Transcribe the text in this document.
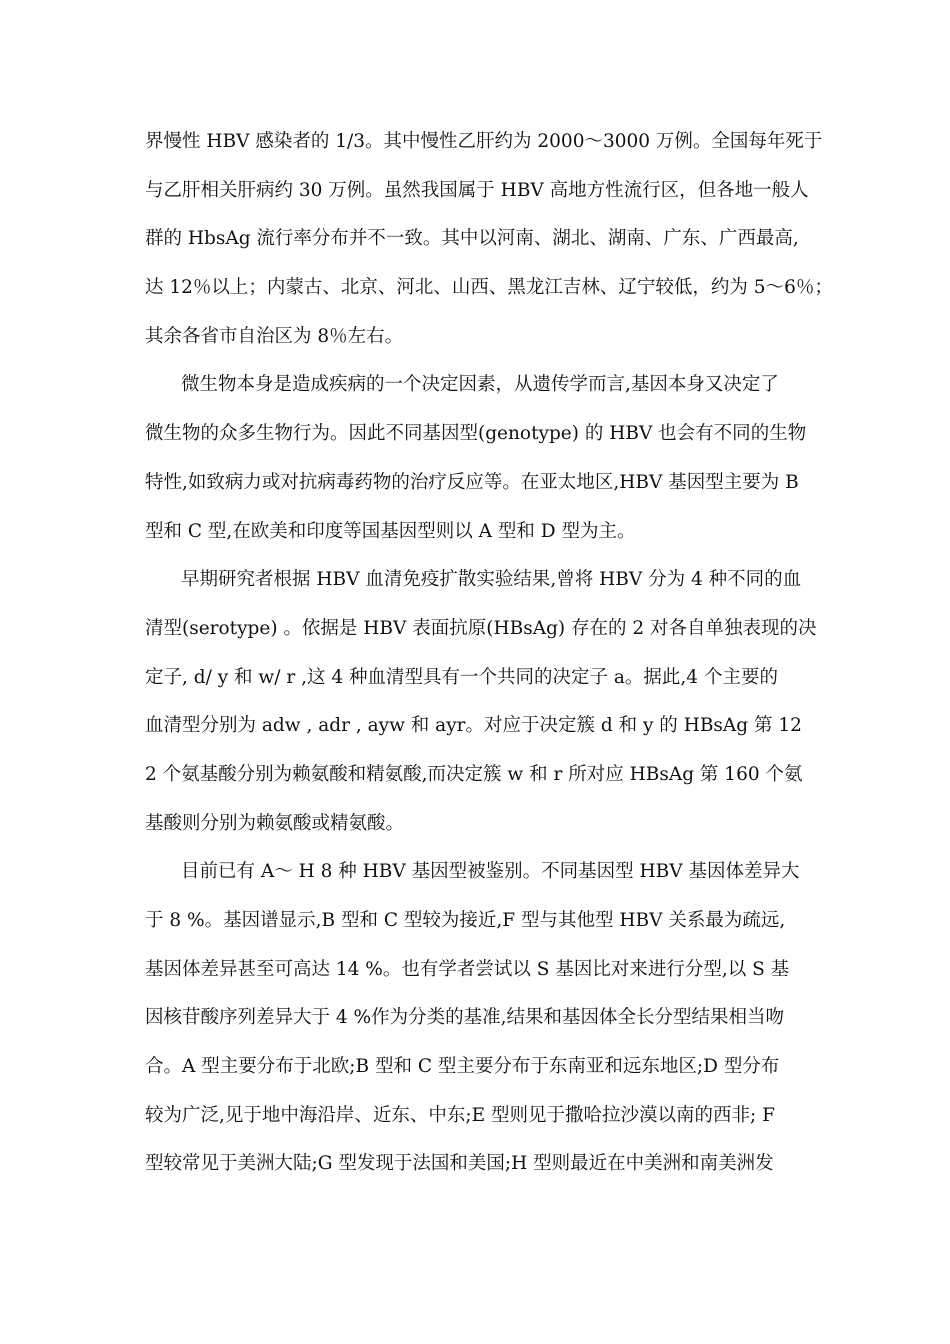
界慢性 HBV 感染者的 1/3。其中慢性乙肝约为 2000～3000 万例。全国每年死于
与乙肝相关肝病约 30 万例。虽然我国属于 HBV 高地方性流行区，但各地一般人
群的 HbsAg 流行率分布并不一致。其中以河南、湖北、湖南、广东、广西最高,
达 12％以上；内蒙古、北京、河北、山西、黑龙江吉林、辽宁较低，约为 5～6％；
其余各省市自治区为 8％左右。
微生物本身是造成疾病的一个决定因素，从遗传学而言,基因本身又决定了
微生物的众多生物行为。因此不同基因型(genotype) 的 HBV 也会有不同的生物
特性,如致病力或对抗病毒药物的治疗反应等。在亚太地区,HBV 基因型主要为 B
型和 C 型,在欧美和印度等国基因型则以 A 型和 D 型为主。
早期研究者根据 HBV 血清免疫扩散实验结果,曾将 HBV 分为 4 种不同的血
清型(serotype) 。依据是 HBV 表面抗原(HBsAg) 存在的 2 对各自单独表现的决
定子, d/ y 和 w/ r ,这 4 种血清型具有一个共同的决定子 a。据此,4 个主要的
血清型分别为 adw , adr , ayw 和 ayr。对应于决定簇 d 和 y 的 HBsAg 第 12
2 个氨基酸分别为赖氨酸和精氨酸,而决定簇 w 和 r 所对应 HBsAg 第 160 个氨
基酸则分别为赖氨酸或精氨酸。
目前已有 A～ H 8 种 HBV 基因型被鉴别。不同基因型 HBV 基因体差异大
于 8 %。基因谱显示,B 型和 C 型较为接近,F 型与其他型 HBV 关系最为疏远,
基因体差异甚至可高达 14 %。也有学者尝试以 S 基因比对来进行分型,以 S 基
因核苷酸序列差异大于 4 %作为分类的基准,结果和基因体全长分型结果相当吻
合。A 型主要分布于北欧;B 型和 C 型主要分布于东南亚和远东地区;D 型分布
较为广泛,见于地中海沿岸、近东、中东;E 型则见于撒哈拉沙漠以南的西非; F
型较常见于美洲大陆;G 型发现于法国和美国;H 型则最近在中美洲和南美洲发
